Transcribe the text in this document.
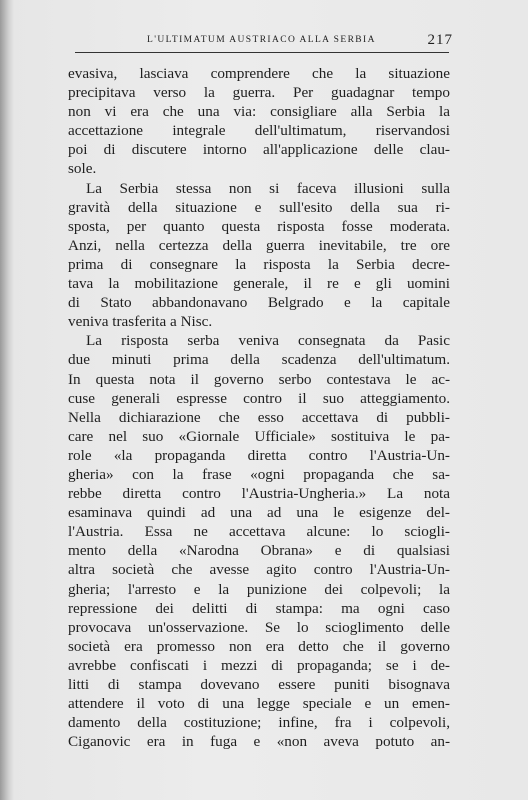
L'ULTIMATUM AUSTRIACO ALLA SERBIA	217
evasiva, lasciava comprendere che la situazione
precipitava verso la guerra. Per guadagnar tempo
non vi era che una via: consigliare alla Serbia la
accettazione integrale dell'ultimatum, riservandosi
poi di discutere intorno all'applicazione delle clau-
sole.
La Serbia stessa non si faceva illusioni sulla
gravità della situazione e sull'esito della sua ri-
sposta, per quanto questa risposta fosse moderata.
Anzi, nella certezza della guerra inevitabile, tre ore
prima di consegnare la risposta la Serbia decre-
tava la mobilitazione generale, il re e gli uomini
di Stato abbandonavano Belgrado e la capitale
veniva trasferita a Nisc.
La risposta serba veniva consegnata da Pasic
due minuti prima della scadenza dell'ultimatum.
In questa nota il governo serbo contestava le ac-
cuse generali espresse contro il suo atteggiamento.
Nella dichiarazione che esso accettava di pubbli-
care nel suo «Giornale Ufficiale» sostituiva le pa-
role «la propaganda diretta contro l'Austria-Un-
gheria» con la frase «ogni propaganda che sa-
rebbe diretta contro l'Austria-Ungheria.» La nota
esaminava quindi ad una ad una le esigenze del-
l'Austria. Essa ne accettava alcune: lo sciogli-
mento della «Narodna Obrana» e di qualsiasi
altra società che avesse agito contro l'Austria-Un-
gheria; l'arresto e la punizione dei colpevoli; la
repressione dei delitti di stampa: ma ogni caso
provocava un'osservazione. Se lo scioglimento delle
società era promesso non era detto che il governo
avrebbe confiscati i mezzi di propaganda; se i de-
litti di stampa dovevano essere puniti bisognava
attendere il voto di una legge speciale e un emen-
damento della costituzione; infine, fra i colpevoli,
Ciganovic era in fuga e «non aveva potuto an-
